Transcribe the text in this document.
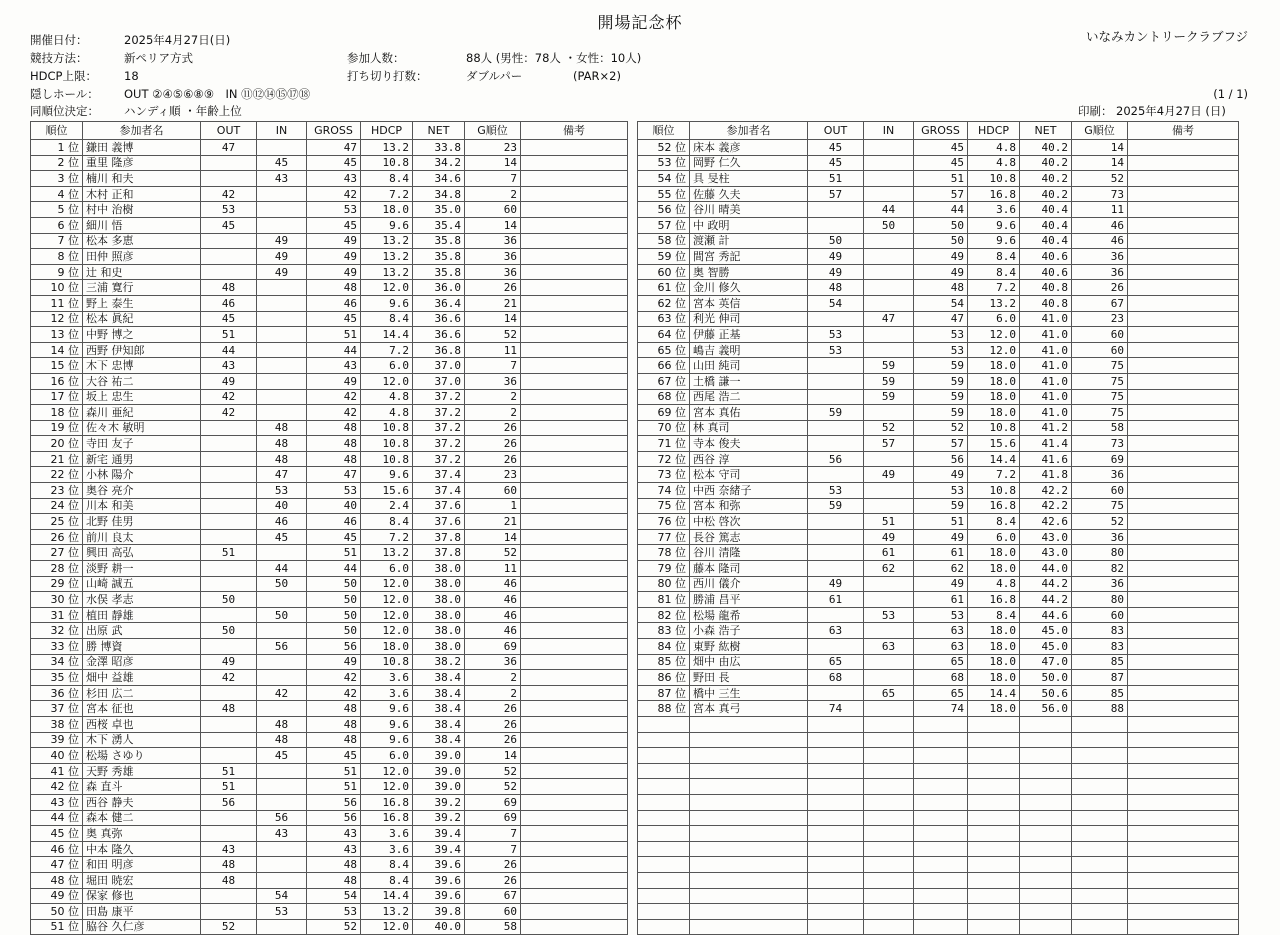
開場記念杯
いなみカントリークラブフジ
開催日付：	2025年4月27日(日)
競技方法：	新ペリア方式	参加人数：	88人 (男性：78人 ・女性：10人)
HDCP上限： 18	打ち切り打数：	ダブルパー	(PAR×2)
隠しホール： OUT ②④⑤⑥⑧⑨　IN ⑪⑫⑭⑮⑰⑱	(1 / 1)
同順位決定： ハンディ順 ・年齢上位	印刷： 2025年4月27日 (日)
順位	参加者名	OUT	IN	GROSS	HDCP	NET	G順位	備考
1 位	鎌田 義博	47		47	13.2	33.8	23	
2 位	重里 隆彦		45	45	10.8	34.2	14	
3 位	楠川 和夫		43	43	8.4	34.6	7	
4 位	木村 正和	42		42	7.2	34.8	2	
5 位	村中 治樹	53		53	18.0	35.0	60	
6 位	細川 悟	45		45	9.6	35.4	14	
7 位	松本 多恵		49	49	13.2	35.8	36	
8 位	田仲 照彦		49	49	13.2	35.8	36	
9 位	辻 和史		49	49	13.2	35.8	36	
10 位	三浦 寛行	48		48	12.0	36.0	26	
11 位	野上 泰生	46		46	9.6	36.4	21	
12 位	松本 眞紀	45		45	8.4	36.6	14	
13 位	中野 博之	51		51	14.4	36.6	52	
14 位	西野 伊知郎	44		44	7.2	36.8	11	
15 位	木下 忠博	43		43	6.0	37.0	7	
16 位	大谷 祐二	49		49	12.0	37.0	36	
17 位	坂上 忠生	42		42	4.8	37.2	2	
18 位	森川 亜紀	42		42	4.8	37.2	2	
19 位	佐々木 敏明		48	48	10.8	37.2	26	
20 位	寺田 友子		48	48	10.8	37.2	26	
21 位	新宅 通男		48	48	10.8	37.2	26	
22 位	小林 陽介		47	47	9.6	37.4	23	
23 位	奥谷 亮介		53	53	15.6	37.4	60	
24 位	川本 和美		40	40	2.4	37.6	1	
25 位	北野 佳男		46	46	8.4	37.6	21	
26 位	前川 良太		45	45	7.2	37.8	14	
27 位	興田 高弘	51		51	13.2	37.8	52	
28 位	淡野 耕一		44	44	6.0	38.0	11	
29 位	山崎 誠五		50	50	12.0	38.0	46	
30 位	水俣 孝志	50		50	12.0	38.0	46	
31 位	植田 靜雄		50	50	12.0	38.0	46	
32 位	出原 武	50		50	12.0	38.0	46	
33 位	勝 博資		56	56	18.0	38.0	69	
34 位	金澤 昭彦	49		49	10.8	38.2	36	
35 位	畑中 益雄	42		42	3.6	38.4	2	
36 位	杉田 広二		42	42	3.6	38.4	2	
37 位	宮本 征也	48		48	9.6	38.4	26	
38 位	西桜 卓也		48	48	9.6	38.4	26	
39 位	木下 湧人		48	48	9.6	38.4	26	
40 位	松場 さゆり		45	45	6.0	39.0	14	
41 位	天野 秀雄	51		51	12.0	39.0	52	
42 位	森 直斗	51		51	12.0	39.0	52	
43 位	西谷 静夫	56		56	16.8	39.2	69	
44 位	森本 健二		56	56	16.8	39.2	69	
45 位	奥 真弥		43	43	3.6	39.4	7	
46 位	中本 隆久	43		43	3.6	39.4	7	
47 位	和田 明彦	48		48	8.4	39.6	26	
48 位	堀田 暁宏	48		48	8.4	39.6	26	
49 位	保家 修也		54	54	14.4	39.6	67	
50 位	田島 康平		53	53	13.2	39.8	60	
51 位	脇谷 久仁彦	52		52	12.0	40.0	58	
順位	参加者名	OUT	IN	GROSS	HDCP	NET	G順位	備考
52 位	床本 義彦	45		45	4.8	40.2	14	
53 位	岡野 仁久	45		45	4.8	40.2	14	
54 位	具 旻柱	51		51	10.8	40.2	52	
55 位	佐藤 久夫	57		57	16.8	40.2	73	
56 位	谷川 晴美		44	44	3.6	40.4	11	
57 位	中 政明		50	50	9.6	40.4	46	
58 位	渡瀬 計	50		50	9.6	40.4	46	
59 位	間宮 秀記	49		49	8.4	40.6	36	
60 位	奥 智勝	49		49	8.4	40.6	36	
61 位	金川 修久	48		48	7.2	40.8	26	
62 位	宮本 英信	54		54	13.2	40.8	67	
63 位	利光 伸司		47	47	6.0	41.0	23	
64 位	伊藤 正基	53		53	12.0	41.0	60	
65 位	嶋吉 義明	53		53	12.0	41.0	60	
66 位	山田 純司		59	59	18.0	41.0	75	
67 位	土橋 謙一		59	59	18.0	41.0	75	
68 位	西尾 浩二		59	59	18.0	41.0	75	
69 位	宮本 真佑	59		59	18.0	41.0	75	
70 位	林 真司		52	52	10.8	41.2	58	
71 位	寺本 俊夫		57	57	15.6	41.4	73	
72 位	西谷 淳	56		56	14.4	41.6	69	
73 位	松本 守司		49	49	7.2	41.8	36	
74 位	中西 奈緒子	53		53	10.8	42.2	60	
75 位	宮本 和弥	59		59	16.8	42.2	75	
76 位	中松 啓次		51	51	8.4	42.6	52	
77 位	長谷 篤志		49	49	6.0	43.0	36	
78 位	谷川 清隆		61	61	18.0	43.0	80	
79 位	藤本 隆司		62	62	18.0	44.0	82	
80 位	西川 儀介	49		49	4.8	44.2	36	
81 位	勝浦 昌平	61		61	16.8	44.2	80	
82 位	松場 龍希		53	53	8.4	44.6	60	
83 位	小森 浩子	63		63	18.0	45.0	83	
84 位	東野 紘樹		63	63	18.0	45.0	83	
85 位	畑中 由広	65		65	18.0	47.0	85	
86 位	野田 長	68		68	18.0	50.0	87	
87 位	橋中 三生		65	65	14.4	50.6	85	
88 位	宮本 真弓	74		74	18.0	56.0	88	
